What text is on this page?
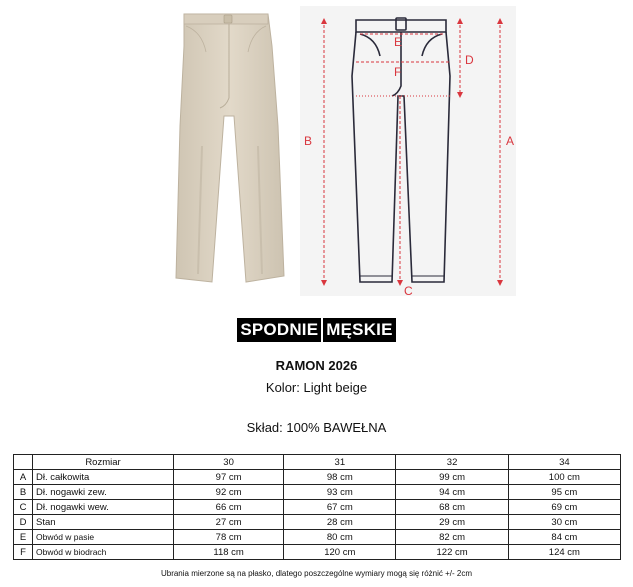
B	A
D
E
F
C
SPODNIE MĘSKIE
RAMON 2026
Kolor: Light beige
Skład: 100% BAWEŁNA
	Rozmiar	30	31	32	34
A	Dł. całkowita	97 cm	98 cm	99 cm	100 cm
B	Dł. nogawki zew.	92 cm	93 cm	94 cm	95 cm
C	Dł. nogawki wew.	66 cm	67 cm	68 cm	69 cm
D	Stan	27 cm	28 cm	29 cm	30 cm
E	Obwód w pasie	78 cm	80 cm	82 cm	84 cm
F	Obwód w biodrach	118 cm	120 cm	122 cm	124 cm
Ubrania mierzone są na płasko, dlatego poszczególne wymiary mogą się różnić +/- 2cm
